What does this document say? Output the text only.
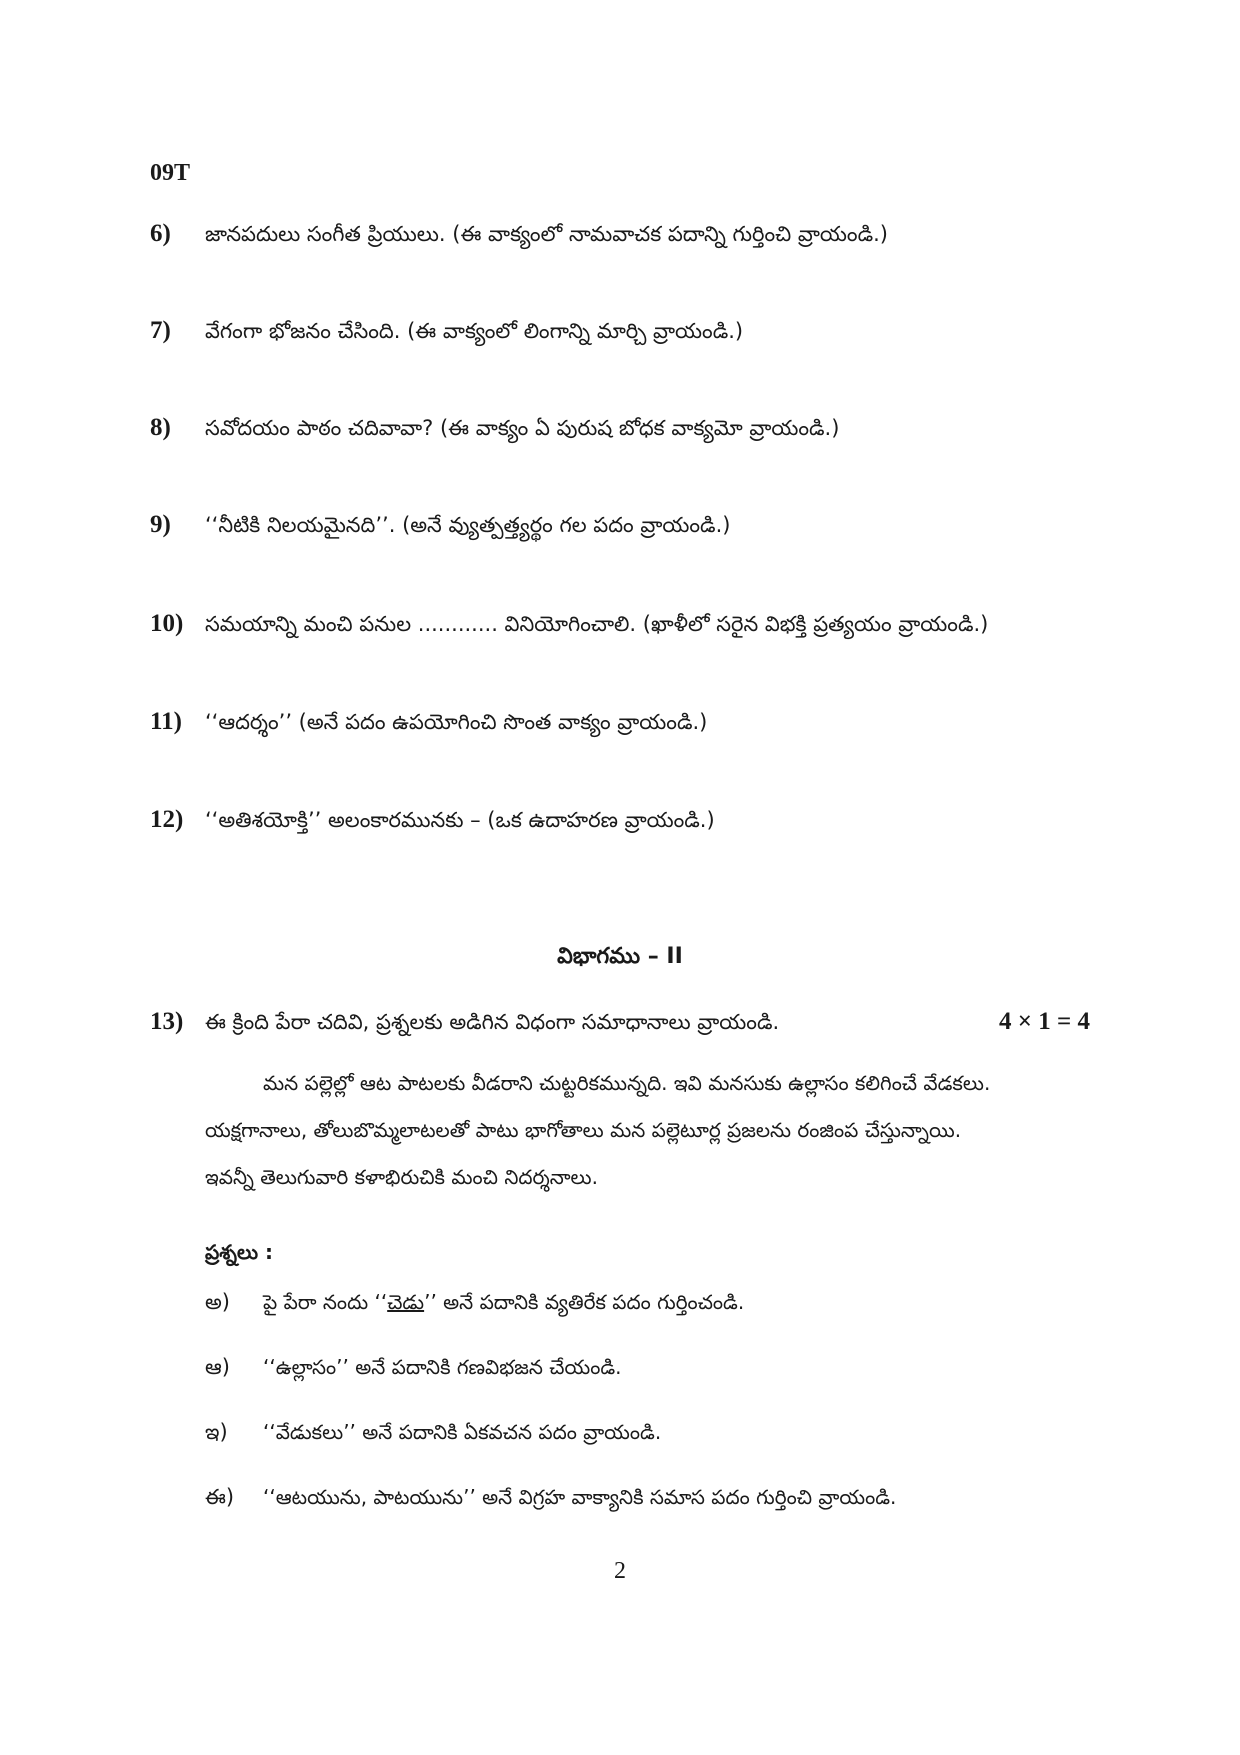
09T
6)	జానపదులు సంగీత ప్రియులు. (ఈ వాక్యంలో నామవాచక పదాన్ని గుర్తించి వ్రాయండి.)
7)	వేగంగా భోజనం చేసింది. (ఈ వాక్యంలో లింగాన్ని మార్చి వ్రాయండి.)
8)	సవోదయం పాఠం చదివావా? (ఈ వాక్యం ఏ పురుష బోధక వాక్యమో వ్రాయండి.)
9)	‘‘నీటికి నిలయమైనది’’. (అనే వ్యుత్పత్త్యర్థం గల పదం వ్రాయండి.)
10)	సమయాన్ని మంచి పనుల ............ వినియోగించాలి. (ఖాళీలో సరైన విభక్తి ప్రత్యయం వ్రాయండి.)
11)	‘‘ఆదర్శం’’ (అనే పదం ఉపయోగించి సొంత వాక్యం వ్రాయండి.)
12)	‘‘అతిశయోక్తి’’ అలంకారమునకు – (ఒక ఉదాహరణ వ్రాయండి.)
విభాగము – II
13)	ఈ క్రింది పేరా చదివి, ప్రశ్నలకు అడిగిన విధంగా సమాధానాలు వ్రాయండి.	4 × 1 = 4
మన పల్లెల్లో ఆట పాటలకు వీడరాని చుట్టరికమున్నది. ఇవి మనసుకు ఉల్లాసం కలిగించే వేడకలు.
యక్షగానాలు, తోలుబొమ్మలాటలతో పాటు భాగోతాలు మన పల్లెటూర్ల ప్రజలను రంజింప చేస్తున్నాయి.
ఇవన్నీ తెలుగువారి కళాభిరుచికి మంచి నిదర్శనాలు.
ప్రశ్నలు :
అ)	పై పేరా నందు ‘‘చెడు’’ అనే పదానికి వ్యతిరేక పదం గుర్తించండి.
ఆ)	‘‘ఉల్లాసం’’ అనే పదానికి గణవిభజన చేయండి.
ఇ)	‘‘వేడుకలు’’ అనే పదానికి ఏకవచన పదం వ్రాయండి.
ఈ)	‘‘ఆటయును, పాటయును’’ అనే విగ్రహ వాక్యానికి సమాస పదం గుర్తించి వ్రాయండి.
2
